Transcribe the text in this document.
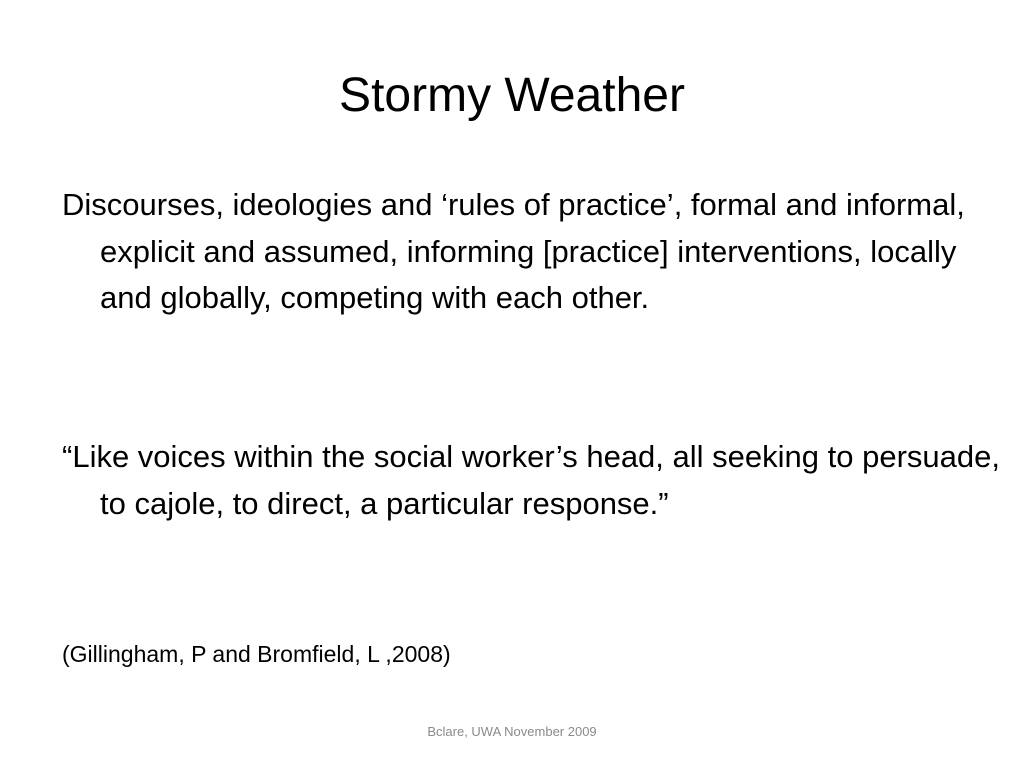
Stormy Weather
Discourses, ideologies and ‘rules of practice’, formal and informal, explicit and assumed, informing [practice] interventions, locally and globally, competing with each other.
“Like voices within the social worker’s head, all seeking to persuade, to cajole, to direct, a particular response.”
(Gillingham, P and Bromfield, L ,2008)
Bclare, UWA November 2009
